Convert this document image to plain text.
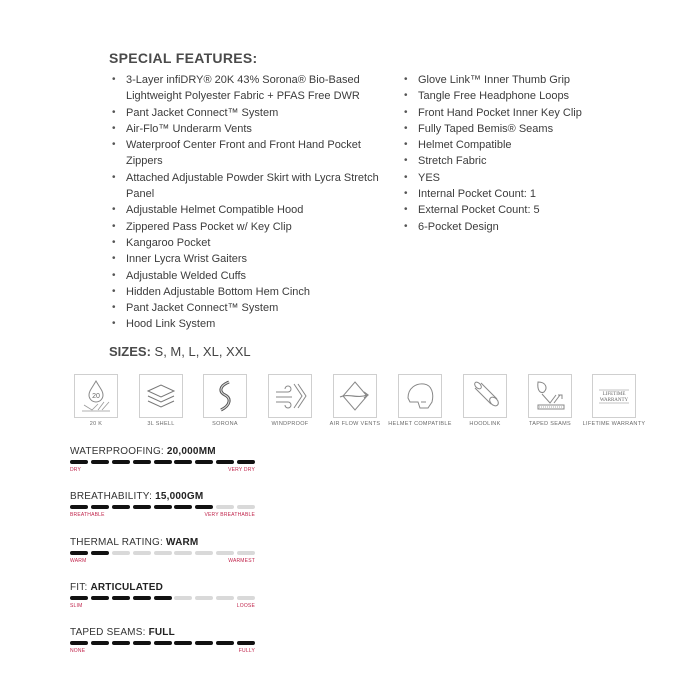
SPECIAL FEATURES:
• 3-Layer infiDRY® 20K 43% Sorona® Bio-Based Lightweight Polyester Fabric + PFAS Free DWR
• Pant Jacket Connect™ System
• Air-Flo™ Underarm Vents
• Waterproof Center Front and Front Hand Pocket Zippers
• Attached Adjustable Powder Skirt with Lycra Stretch Panel
• Adjustable Helmet Compatible Hood
• Zippered Pass Pocket w/ Key Clip
• Kangaroo Pocket
• Inner Lycra Wrist Gaiters
• Adjustable Welded Cuffs
• Hidden Adjustable Bottom Hem Cinch
• Pant Jacket Connect™ System
• Hood Link System
• Glove Link™ Inner Thumb Grip
• Tangle Free Headphone Loops
• Front Hand Pocket Inner Key Clip
• Fully Taped Bemis® Seams
• Helmet Compatible
• Stretch Fabric
• YES
• Internal Pocket Count: 1
• External Pocket Count: 5
• 6-Pocket Design
SIZES: S, M, L, XL, XXL
20
20 K	3L SHELL	SORONA	WINDPROOF	AIR FLOW VENTS	HELMET COMPATIBLE	HOODLINK	TAPED SEAMS
LIFETIME
WARRANTY
LIFETIME WARRANTY
WATERPROOFING: 20,000MM
DRY	VERY DRY
BREATHABILITY: 15,000GM
BREATHABLE	VERY BREATHABLE
THERMAL RATING: WARM
WARM	WARMEST
FIT: ARTICULATED
SLIM	LOOSE
TAPED SEAMS: FULL
NONE	FULLY
